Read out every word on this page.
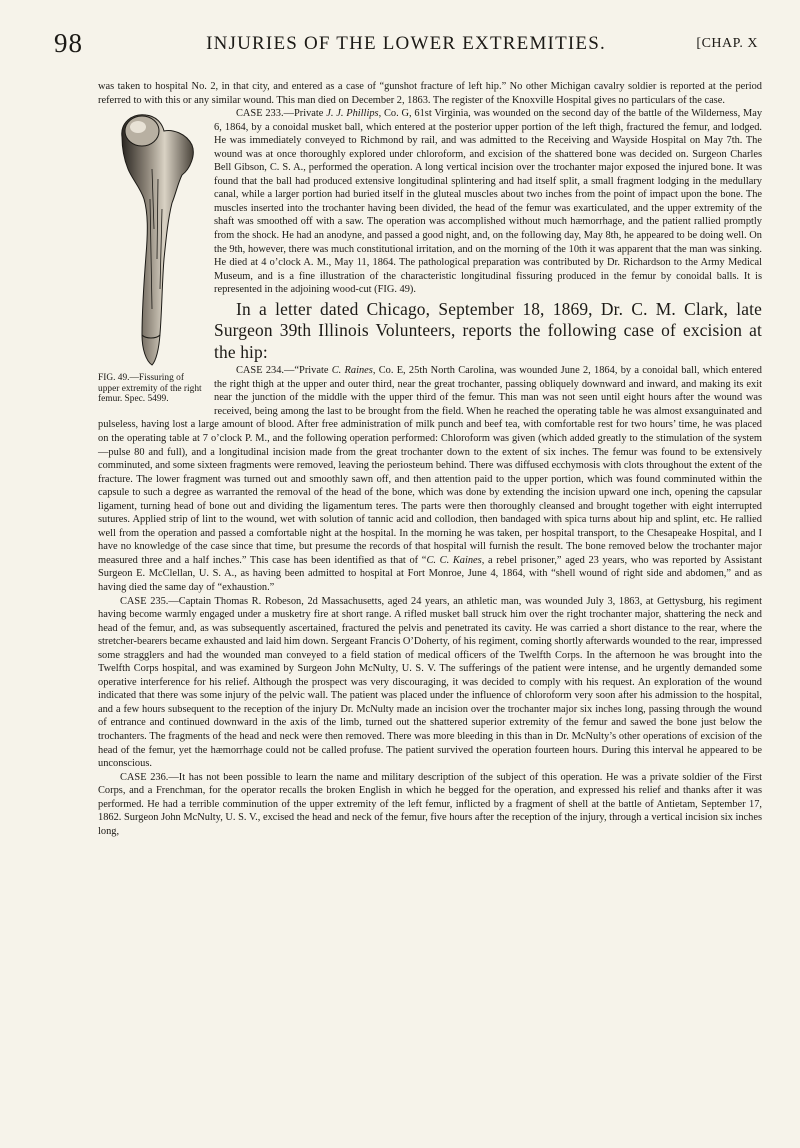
98	INJURIES OF THE LOWER EXTREMITIES.	[CHAP. X

was taken to hospital No. 2, in that city, and entered as a case of “gunshot fracture of left hip.” No other Michigan cavalry soldier is reported at the period referred to with this or any similar wound. This man died on December 2, 1863. The register of the Knoxville Hospital gives no particulars of the case.

FIG. 49.—Fissuring of upper extremity of the right femur. Spec. 5499.

CASE 233.—Private J. J. Phillips, Co. G, 61st Virginia, was wounded on the second day of the battle of the Wilderness, May 6, 1864, by a conoidal musket ball, which entered at the posterior upper portion of the left thigh, fractured the femur, and lodged. He was immediately conveyed to Richmond by rail, and was admitted to the Receiving and Wayside Hospital on May 7th. The wound was at once thoroughly explored under chloroform, and excision of the shattered bone was decided on. Surgeon Charles Bell Gibson, C. S. A., performed the operation. A long vertical incision over the trochanter major exposed the injured bone. It was found that the ball had produced extensive longitudinal splintering and had itself split, a small fragment lodging in the medullary canal, while a larger portion had buried itself in the gluteal muscles about two inches from the point of impact upon the bone. The muscles inserted into the trochanter having been divided, the head of the femur was exarticulated, and the upper extremity of the shaft was smoothed off with a saw. The operation was accomplished without much hæmorrhage, and the patient rallied promptly from the shock. He had an anodyne, and passed a good night, and, on the following day, May 8th, he appeared to be doing well. On the 9th, however, there was much constitutional irritation, and on the morning of the 10th it was apparent that the man was sinking. He died at 4 o’clock A. M., May 11, 1864. The pathological preparation was contributed by Dr. Richardson to the Army Medical Museum, and is a fine illustration of the characteristic longitudinal fissuring produced in the femur by conoidal balls. It is represented in the adjoining wood-cut (FIG. 49).

In a letter dated Chicago, September 18, 1869, Dr. C. M. Clark, late Surgeon 39th Illinois Volunteers, reports the following case of excision at the hip:

CASE 234.—“Private C. Raines, Co. E, 25th North Carolina, was wounded June 2, 1864, by a conoidal ball, which entered the right thigh at the upper and outer third, near the great trochanter, passing obliquely downward and inward, and making its exit near the junction of the middle with the upper third of the femur. This man was not seen until eight hours after the wound was received, being among the last to be brought from the field. When he reached the operating table he was almost exsanguinated and pulseless, having lost a large amount of blood. After free administration of milk punch and beef tea, with comfortable rest for two hours’ time, he was placed on the operating table at 7 o’clock P. M., and the following operation performed: Chloroform was given (which added greatly to the stimulation of the system—pulse 80 and full), and a longitudinal incision made from the great trochanter down to the extent of six inches. The femur was found to be extensively comminuted, and some sixteen fragments were removed, leaving the periosteum behind. There was diffused ecchymosis with clots throughout the extent of the fracture. The lower fragment was turned out and smoothly sawn off, and then attention paid to the upper portion, which was found comminuted within the capsule to such a degree as warranted the removal of the head of the bone, which was done by extending the incision upward one inch, opening the capsular ligament, turning head of bone out and dividing the ligamentum teres. The parts were then thoroughly cleansed and brought together with eight interrupted sutures. Applied strip of lint to the wound, wet with solution of tannic acid and collodion, then bandaged with spica turns about hip and splint, etc. He rallied well from the operation and passed a comfortable night at the hospital. In the morning he was taken, per hospital transport, to the Chesapeake Hospital, and I have no knowledge of the case since that time, but presume the records of that hospital will furnish the result. The bone removed below the trochanter major measured three and a half inches.” This case has been identified as that of “C. C. Kaines, a rebel prisoner,” aged 23 years, who was reported by Assistant Surgeon E. McClellan, U. S. A., as having been admitted to hospital at Fort Monroe, June 4, 1864, with “shell wound of right side and abdomen,” and as having died the same day of “exhaustion.”

CASE 235.—Captain Thomas R. Robeson, 2d Massachusetts, aged 24 years, an athletic man, was wounded July 3, 1863, at Gettysburg, his regiment having become warmly engaged under a musketry fire at short range. A rifled musket ball struck him over the right trochanter major, shattering the neck and head of the femur, and, as was subsequently ascertained, fractured the pelvis and penetrated its cavity. He was carried a short distance to the rear, where the stretcher-bearers became exhausted and laid him down. Sergeant Francis O’Doherty, of his regiment, coming shortly afterwards wounded to the rear, impressed some stragglers and had the wounded man conveyed to a field station of medical officers of the Twelfth Corps. In the afternoon he was brought into the Twelfth Corps hospital, and was examined by Surgeon John McNulty, U. S. V. The sufferings of the patient were intense, and he urgently demanded some operative interference for his relief. Although the prospect was very discouraging, it was decided to comply with his request. An exploration of the wound indicated that there was some injury of the pelvic wall. The patient was placed under the influence of chloroform very soon after his admission to the hospital, and a few hours subsequent to the reception of the injury Dr. McNulty made an incision over the trochanter major six inches long, passing through the wound of entrance and continued downward in the axis of the limb, turned out the shattered superior extremity of the femur and sawed the bone just below the trochanters. The fragments of the head and neck were then removed. There was more bleeding in this than in Dr. McNulty’s other operations of excision of the head of the femur, yet the hæmorrhage could not be called profuse. The patient survived the operation fourteen hours. During this interval he appeared to be unconscious.

CASE 236.—It has not been possible to learn the name and military description of the subject of this operation. He was a private soldier of the First Corps, and a Frenchman, for the operator recalls the broken English in which he begged for the operation, and expressed his relief and thanks after it was performed. He had a terrible comminution of the upper extremity of the left femur, inflicted by a fragment of shell at the battle of Antietam, September 17, 1862. Surgeon John McNulty, U. S. V., excised the head and neck of the femur, five hours after the reception of the injury, through a vertical incision six inches long,
